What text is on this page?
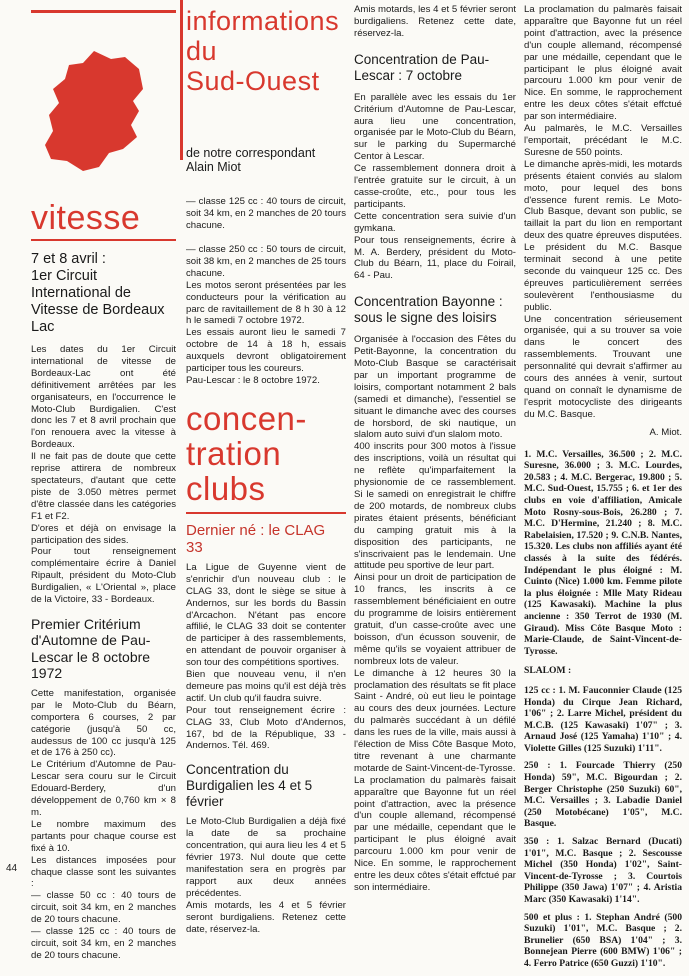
vitesse

7 et 8 avril :

1er Circuit International de Vitesse de Bordeaux Lac

Les dates du 1er Circuit international de vitesse de Bordeaux-Lac ont été définitivement arrêtées par les organisateurs, en l'occurrence le Moto-Club Burdigalien. C'est donc les 7 et 8 avril prochain que l'on renouera avec la vitesse à Bordeaux.

Il ne fait pas de doute que cette reprise attirera de nombreux spectateurs, d'autant que cette piste de 3.050 mètres permet d'être classée dans les catégories F1 et F2.

D'ores et déjà on envisage la participation des sides.

Pour tout renseignement complémentaire écrire à Daniel Ripault, président du Moto-Club Burdigalien, « L'Oriental », place de la Victoire, 33 - Bordeaux.

Premier Critérium d'Automne de Pau-Lescar le 8 octobre 1972

Cette manifestation, organisée par le Moto-Club du Béarn, comportera 6 courses, 2 par catégorie (jusqu'à 50 cc, audessus de 100 cc jusqu'à 125 et de 176 à 250 cc).

Le Critérium d'Automne de Pau-Lescar sera couru sur le Circuit Edouard-Berdery, d'un développement de 0,760 km × 8 m.

Le nombre maximum des partants pour chaque course est fixé à 10.

Les distances imposées pour chaque classe sont les suivantes :

— classe 50 cc : 40 tours de circuit, soit 34 km, en 2 manches de 20 tours chacune.

— classe 125 cc : 40 tours de circuit, soit 34 km, en 2 manches de 20 tours chacune.

informations
du
Sud-Ouest

de notre correspondant

Alain Miot

— classe 125 cc : 40 tours de circuit, soit 34 km, en 2 manches de 20 tours chacune.

— classe 250 cc : 50 tours de circuit, soit 38 km, en 2 manches de 25 tours chacune.

Les motos seront présentées par les conducteurs pour la vérification au parc de ravitaillement de 8 h 30 à 12 h le samedi 7 octobre 1972.

Les essais auront lieu le samedi 7 octobre de 14 à 18 h, essais auxquels devront obligatoirement participer tous les coureurs.

Pau-Lescar : le 8 octobre 1972.

concen-
tration
clubs

Dernier né : le CLAG 33

La Ligue de Guyenne vient de s'enrichir d'un nouveau club : le CLAG 33, dont le siège se situe à Andernos, sur les bords du Bassin d'Arcachon. N'étant pas encore affilié, le CLAG 33 doit se contenter de participer à des rassemblements, en attendant de pouvoir organiser à son tour des compétitions sportives.

Bien que nouveau venu, il n'en demeure pas moins qu'il est déjà très actif. Un club qu'il faudra suivre.

Pour tout renseignement écrire : CLAG 33, Club Moto d'Andernos, 167, bd de la République, 33 - Andernos. Tél. 469.

Concentration du Burdigalien les 4 et 5 février

Le Moto-Club Burdigalien a déjà fixé la date de sa prochaine concentration, qui aura lieu les 4 et 5 février 1973. Nul doute que cette manifestation sera en progrès par rapport aux deux années précédentes.

Amis motards, les 4 et 5 février seront burdigaliens. Retenez cette date, réservez-la.

Amis motards, les 4 et 5 février seront burdigaliens. Retenez cette date, réservez-la.

Concentration de Pau-Lescar : 7 octobre

En parallèle avec les essais du 1er Critérium d'Automne de Pau-Lescar, aura lieu une concentration, organisée par le Moto-Club du Béarn, sur le parking du Supermarché Centor à Lescar.

Ce rassemblement donnera droit à l'entrée gratuite sur le circuit, à un casse-croûte, etc., pour tous les participants.

Cette concentration sera suivie d'un gymkana.

Pour tous renseignements, écrire à M. A. Berdery, président du Moto-Club du Béarn, 11, place du Foirail, 64 - Pau.

Concentration Bayonne : sous le signe des loisirs

Organisée à l'occasion des Fêtes du Petit-Bayonne, la concentration du Moto-Club Basque se caractérisait par un important programme de loisirs, comportant notamment 2 bals (samedi et dimanche), l'essentiel se situant le dimanche avec des courses de horsbord, de ski nautique, un slalom auto suivi d'un slalom moto.

400 inscrits pour 300 motos à l'issue des inscriptions, voilà un résultat qui ne reflète qu'imparfaitement la physionomie de ce rassemblement. Si le samedi on enregistrait le chiffre de 200 motards, de nombreux clubs pirates étaient présents, bénéficiant du camping gratuit mis à la disposition des participants, ne s'inscrivaient pas le lendemain. Une attitude peu sportive de leur part.

Ainsi pour un droit de participation de 10 francs, les inscrits à ce rassemblement bénéficiaient en outre du programme de loisirs entièrement gratuit, d'un casse-croûte avec une boisson, d'un écusson souvenir, de même qu'ils se voyaient attribuer de nombreux lots de valeur.

Le dimanche à 12 heures 30 la proclamation des résultats se fit place Saint - André, où eut lieu le pointage au cours des deux journées. Lecture du palmarès succédant à un défilé dans les rues de la ville, mais aussi à l'élection de Miss Côte Basque Moto, titre revenant à une charmante motarde de Saint-Vincent-de-Tyrosse.

La proclamation du palmarès faisait apparaître que Bayonne fut un réel point d'attraction, avec la présence d'un couple allemand, récompensé par une médaille, cependant que le participant le plus éloigné avait parcouru 1.000 km pour venir de Nice. En somme, le rapprochement entre les deux côtes s'était effctué par son intermédiaire.

La proclamation du palmarès faisait apparaître que Bayonne fut un réel point d'attraction, avec la présence d'un couple allemand, récompensé par une médaille, cependant que le participant le plus éloigné avait parcouru 1.000 km pour venir de Nice. En somme, le rapprochement entre les deux côtes s'était effctué par son intermédiaire.

Au palmarès, le M.C. Versailles l'emportait, précédant le M.C. Suresne de 550 points.

Le dimanche après-midi, les motards présents étaient conviés au slalom moto, pour lequel des bons d'essence furent remis. Le Moto-Club Basque, devant son public, se taillait la part du lion en remportant deux des quatre épreuves disputées. Le président du M.C. Basque terminait second à une petite seconde du vainqueur 125 cc. Des épreuves particulièrement serrées soulevèrent l'enthousiasme du public.

Une concentration sérieusement organisée, qui a su trouver sa voie dans le concert des rassemblements. Trouvant une personnalité qui devrait s'affirmer au cours des années à venir, surtout quand on connaît le dynamisme de l'esprit motocycliste des dirigeants du M.C. Basque.

A. Miot.

1. M.C. Versailles, 36.500 ; 2. M.C. Suresne, 36.000 ; 3. M.C. Lourdes, 20.583 ; 4. M.C. Bergerac, 19.800 ; 5. M.C. Sud-Ouest, 15.755 ; 6. et 1er des clubs en voie d'affiliation, Amicale Moto Rosny-sous-Bois, 26.280 ; 7. M.C. D'Hermine, 21.240 ; 8. M.C. Rabelaisien, 17.520 ; 9. C.N.B. Nantes, 15.320. Les clubs non affiliés ayant été classés à la suite des fédérés. Indépendant le plus éloigné : M. Cuinto (Nice) 1.000 km. Femme pilote la plus éloignée : Mlle Maty Rideau (125 Kawasaki). Machine la plus ancienne : 350 Terrot de 1930 (M. Giraud). Miss Côte Basque Moto : Marie-Claude, de Saint-Vincent-de-Tyrosse.

SLALOM :

125 cc : 1. M. Fauconnier Claude (125 Honda) du Cirque Jean Richard, 1'06" ; 2. Larre Michel, président du M.C.B. (125 Kawasaki) 1'07" ; 3. Arnaud José (125 Yamaha) 1'10" ; 4. Violette Gilles (125 Suzuki) 1'11".

250 : 1. Fourcade Thierry (250 Honda) 59", M.C. Bigourdan ; 2. Berger Christophe (250 Suzuki) 60", M.C. Versailles ; 3. Labadie Daniel (250 Motobécane) 1'05", M.C. Basque.

350 : 1. Salzac Bernard (Ducati) 1'01", M.C. Basque ; 2. Sescousse Michel (350 Honda) 1'02", Saint-Vincent-de-Tyrosse ; 3. Courtois Philippe (350 Jawa) 1'07" ; 4. Aristia Marc (350 Kawasaki) 1'14".

500 et plus : 1. Stephan André (500 Suzuki) 1'01", M.C. Basque ; 2. Brunelier (650 BSA) 1'04" ; 3. Bonnejean Pierre (600 BMW) 1'06" ; 4. Ferro Patrice (650 Guzzi) 1'10".

44
